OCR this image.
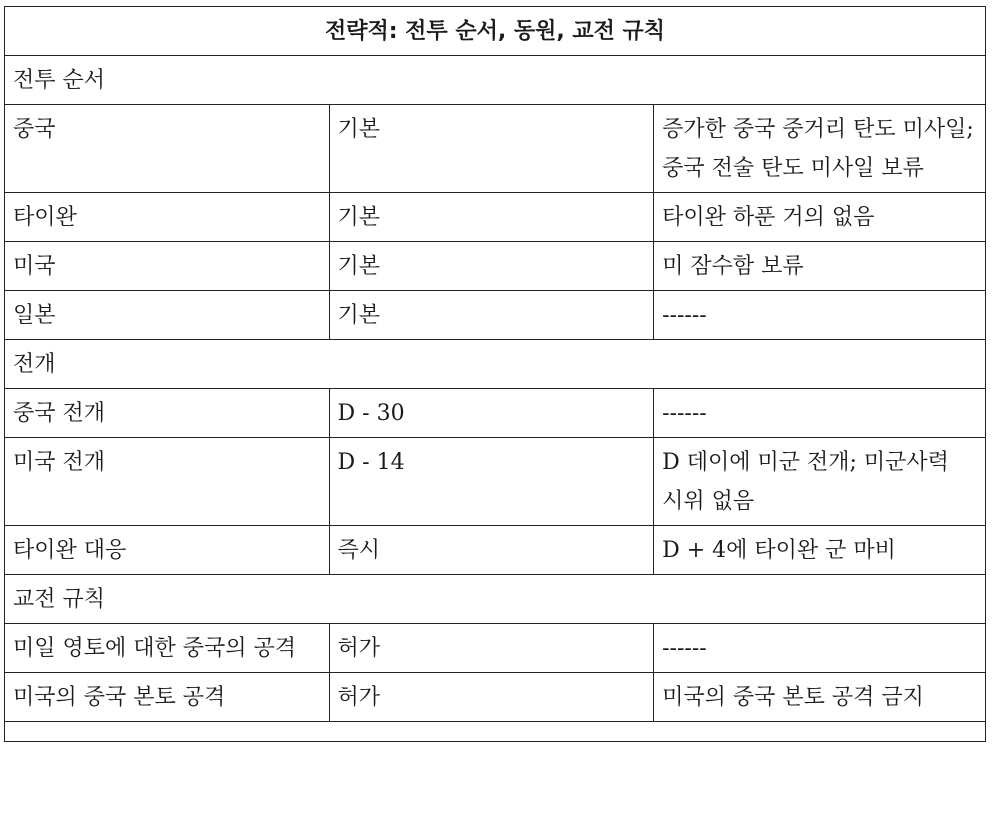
전략적: 전투 순서, 동원, 교전 규칙		
전투 순서		
중국	기본	증가한 중국 중거리 탄도 미사일;
중국 전술 탄도 미사일 보류
타이완	기본	타이완 하푼 거의 없음
미국	기본	미 잠수함 보류
일본	기본	------
전개		
중국 전개	D - 30	------
미국 전개	D - 14	D 데이에 미군 전개; 미군사력 시위 없음
타이완 대응	즉시	D + 4에 타이완 군 마비
교전 규칙		
미일 영토에 대한 중국의 공격	허가	------
미국의 중국 본토 공격	허가	미국의 중국 본토 공격 금지
